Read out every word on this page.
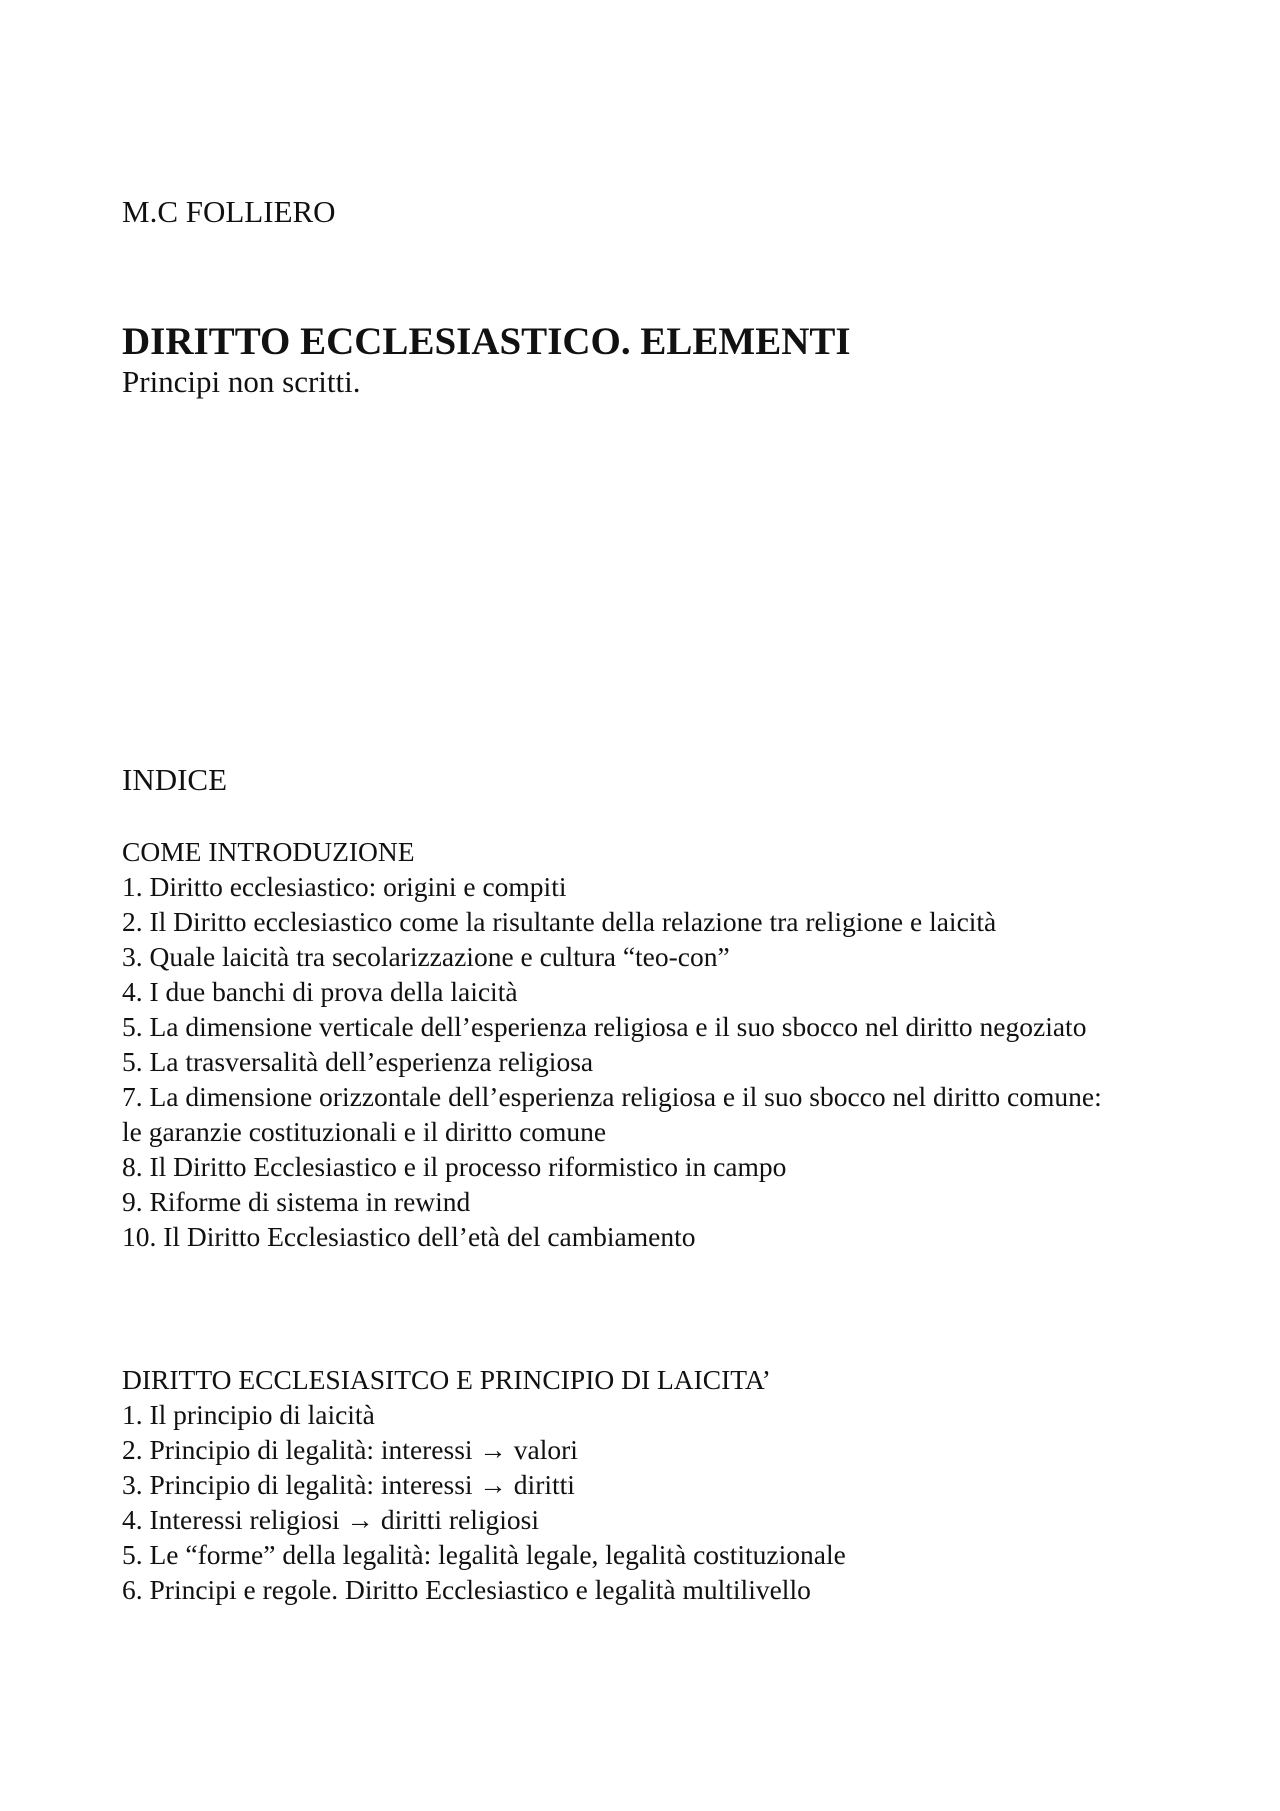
M.C FOLLIERO
DIRITTO ECCLESIASTICO. ELEMENTI
Principi non scritti.
INDICE
COME INTRODUZIONE
1. Diritto ecclesiastico: origini e compiti
2. Il Diritto ecclesiastico come la risultante della relazione tra religione e laicità
3. Quale laicità tra secolarizzazione e cultura “teo-con”
4. I due banchi di prova della laicità
5. La dimensione verticale dell’esperienza religiosa e il suo sbocco nel diritto negoziato
5. La trasversalità dell’esperienza religiosa
7. La dimensione orizzontale dell’esperienza religiosa e il suo sbocco nel diritto comune: le garanzie costituzionali e il diritto comune
8. Il Diritto Ecclesiastico e il processo riformistico in campo
9. Riforme di sistema in rewind
10. Il Diritto Ecclesiastico dell’età del cambiamento
DIRITTO ECCLESIASITCO E PRINCIPIO DI LAICITA’
1. Il principio di laicità
2. Principio di legalità: interessi → valori
3. Principio di legalità: interessi → diritti
4. Interessi religiosi → diritti religiosi
5. Le “forme” della legalità: legalità legale, legalità costituzionale
6. Principi e regole. Diritto Ecclesiastico e legalità multilivello
